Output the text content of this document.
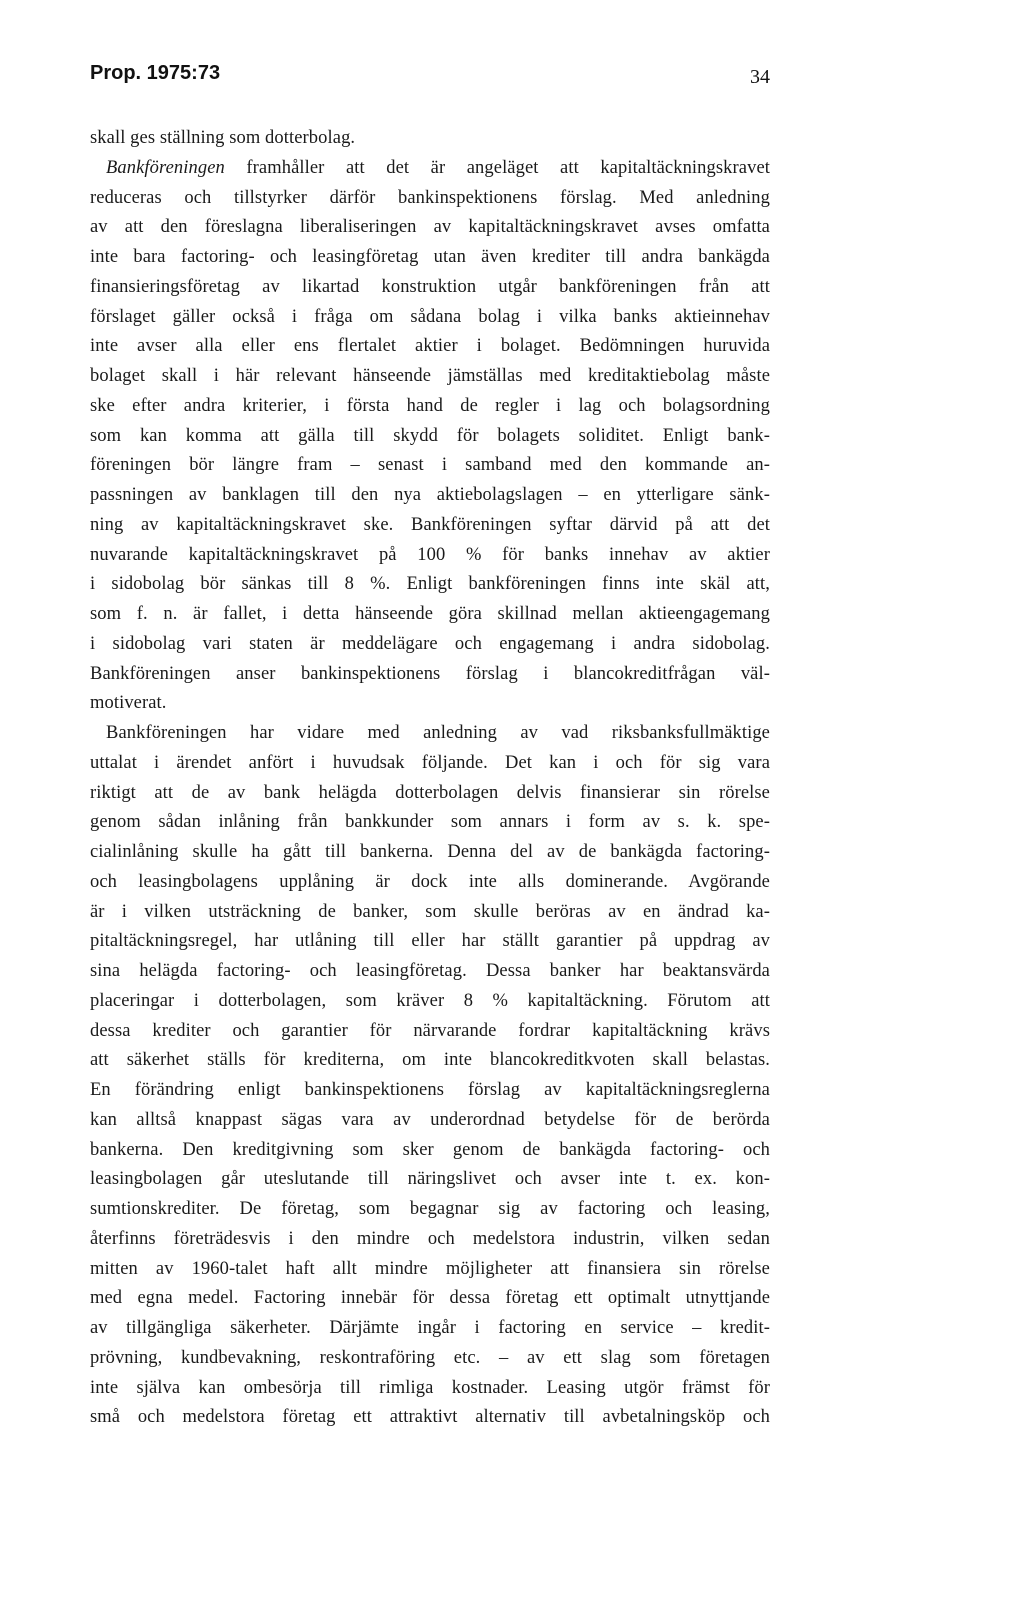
Prop. 1975:73	34
skall ges ställning som dotterbolag.
Bankföreningen framhåller att det är angeläget att kapitaltäckningskravet
reduceras och tillstyrker därför bankinspektionens förslag. Med anledning
av att den föreslagna liberaliseringen av kapitaltäckningskravet avses omfatta
inte bara factoring- och leasingföretag utan även krediter till andra bankägda
finansieringsföretag av likartad konstruktion utgår bankföreningen från att
förslaget gäller också i fråga om sådana bolag i vilka banks aktieinnehav
inte avser alla eller ens flertalet aktier i bolaget. Bedömningen huruvida
bolaget skall i här relevant hänseende jämställas med kreditaktiebolag måste
ske efter andra kriterier, i första hand de regler i lag och bolagsordning
som kan komma att gälla till skydd för bolagets soliditet. Enligt bank-
föreningen bör längre fram – senast i samband med den kommande an-
passningen av banklagen till den nya aktiebolagslagen – en ytterligare sänk-
ning av kapitaltäckningskravet ske. Bankföreningen syftar därvid på att det
nuvarande kapitaltäckningskravet på 100 % för banks innehav av aktier
i sidobolag bör sänkas till 8 %. Enligt bankföreningen finns inte skäl att,
som f. n. är fallet, i detta hänseende göra skillnad mellan aktieengagemang
i sidobolag vari staten är meddelägare och engagemang i andra sidobolag.
Bankföreningen anser bankinspektionens förslag i blancokreditfrågan väl-
motiverat.
Bankföreningen har vidare med anledning av vad riksbanksfullmäktige
uttalat i ärendet anfört i huvudsak följande. Det kan i och för sig vara
riktigt att de av bank helägda dotterbolagen delvis finansierar sin rörelse
genom sådan inlåning från bankkunder som annars i form av s. k. spe-
cialinlåning skulle ha gått till bankerna. Denna del av de bankägda factoring-
och leasingbolagens upplåning är dock inte alls dominerande. Avgörande
är i vilken utsträckning de banker, som skulle beröras av en ändrad ka-
pitaltäckningsregel, har utlåning till eller har ställt garantier på uppdrag av
sina helägda factoring- och leasingföretag. Dessa banker har beaktansvärda
placeringar i dotterbolagen, som kräver 8 % kapitaltäckning. Förutom att
dessa krediter och garantier för närvarande fordrar kapitaltäckning krävs
att säkerhet ställs för krediterna, om inte blancokreditkvoten skall belastas.
En förändring enligt bankinspektionens förslag av kapitaltäckningsreglerna
kan alltså knappast sägas vara av underordnad betydelse för de berörda
bankerna. Den kreditgivning som sker genom de bankägda factoring- och
leasingbolagen går uteslutande till näringslivet och avser inte t. ex. kon-
sumtionskrediter. De företag, som begagnar sig av factoring och leasing,
återfinns företrädesvis i den mindre och medelstora industrin, vilken sedan
mitten av 1960-talet haft allt mindre möjligheter att finansiera sin rörelse
med egna medel. Factoring innebär för dessa företag ett optimalt utnyttjande
av tillgängliga säkerheter. Därjämte ingår i factoring en service – kredit-
prövning, kundbevakning, reskontraföring etc. – av ett slag som företagen
inte själva kan ombesörja till rimliga kostnader. Leasing utgör främst för
små och medelstora företag ett attraktivt alternativ till avbetalningsköp och
